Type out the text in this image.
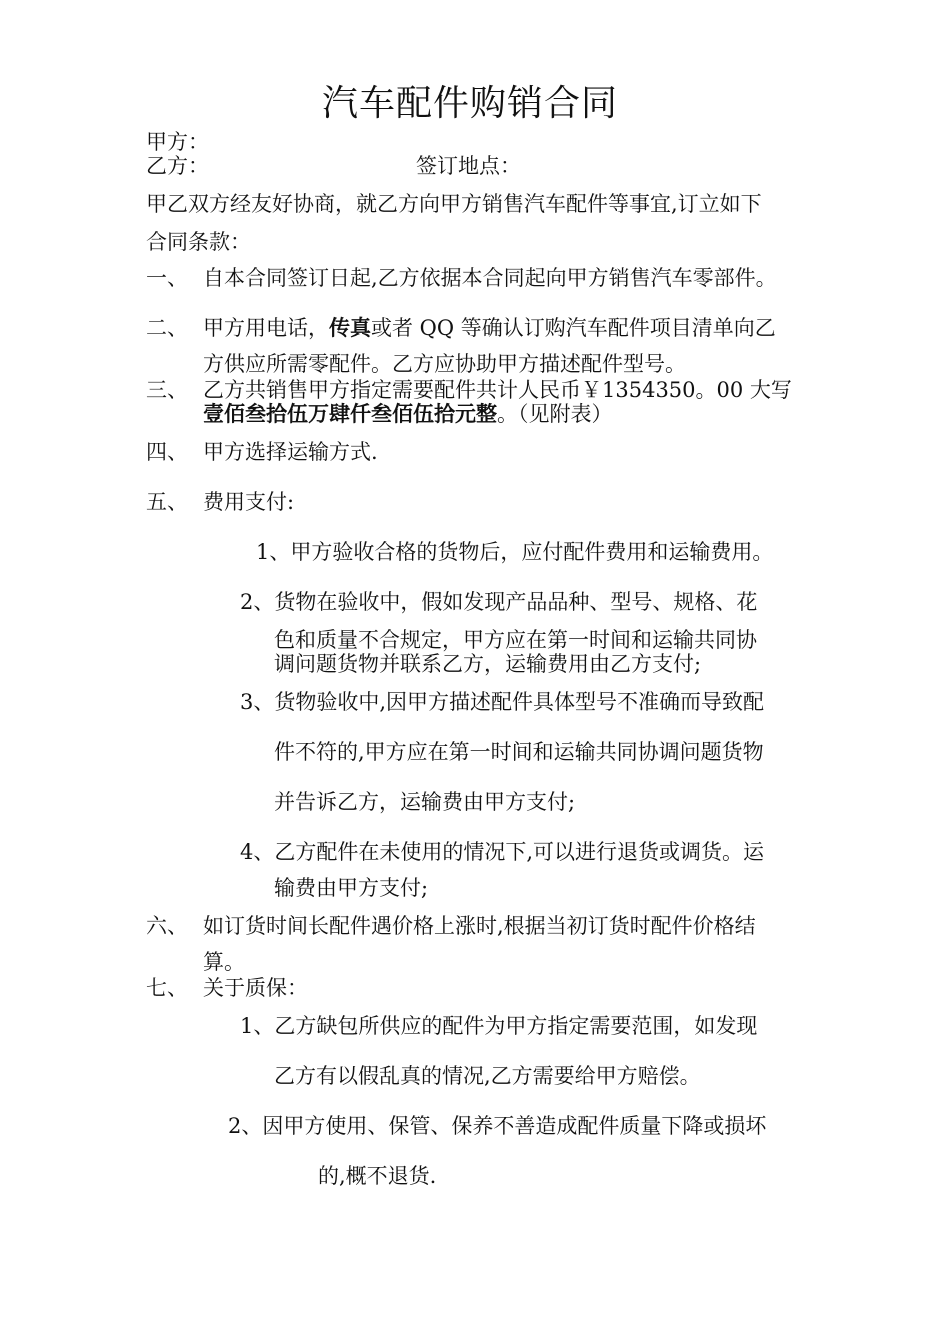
汽车配件购销合同
甲方：
乙方：	签订地点：
甲乙双方经友好协商，就乙方向甲方销售汽车配件等事宜,订立如下
合同条款：
一、 自本合同签订日起,乙方依据本合同起向甲方销售汽车零部件。
二、 甲方用电话，传真或者 QQ 等确认订购汽车配件项目清单向乙
方供应所需零配件。乙方应协助甲方描述配件型号。
三、 乙方共销售甲方指定需要配件共计人民币￥1354350。00 大写
壹佰叁拾伍万肆仟叁佰伍拾元整。（见附表）
四、 甲方选择运输方式.
五、 费用支付:
1、甲方验收合格的货物后，应付配件费用和运输费用。
2、货物在验收中，假如发现产品品种、型号、规格、花
色和质量不合规定，甲方应在第一时间和运输共同协
调问题货物并联系乙方，运输费用由乙方支付;
3、货物验收中,因甲方描述配件具体型号不准确而导致配
件不符的,甲方应在第一时间和运输共同协调问题货物
并告诉乙方，运输费由甲方支付;
4、乙方配件在未使用的情况下,可以进行退货或调货。运
输费由甲方支付;
六、 如订货时间长配件遇价格上涨时,根据当初订货时配件价格结
算。
七、 关于质保：
1、乙方缺包所供应的配件为甲方指定需要范围，如发现
乙方有以假乱真的情况,乙方需要给甲方赔偿。
2、因甲方使用、保管、保养不善造成配件质量下降或损坏
的,概不退货.
